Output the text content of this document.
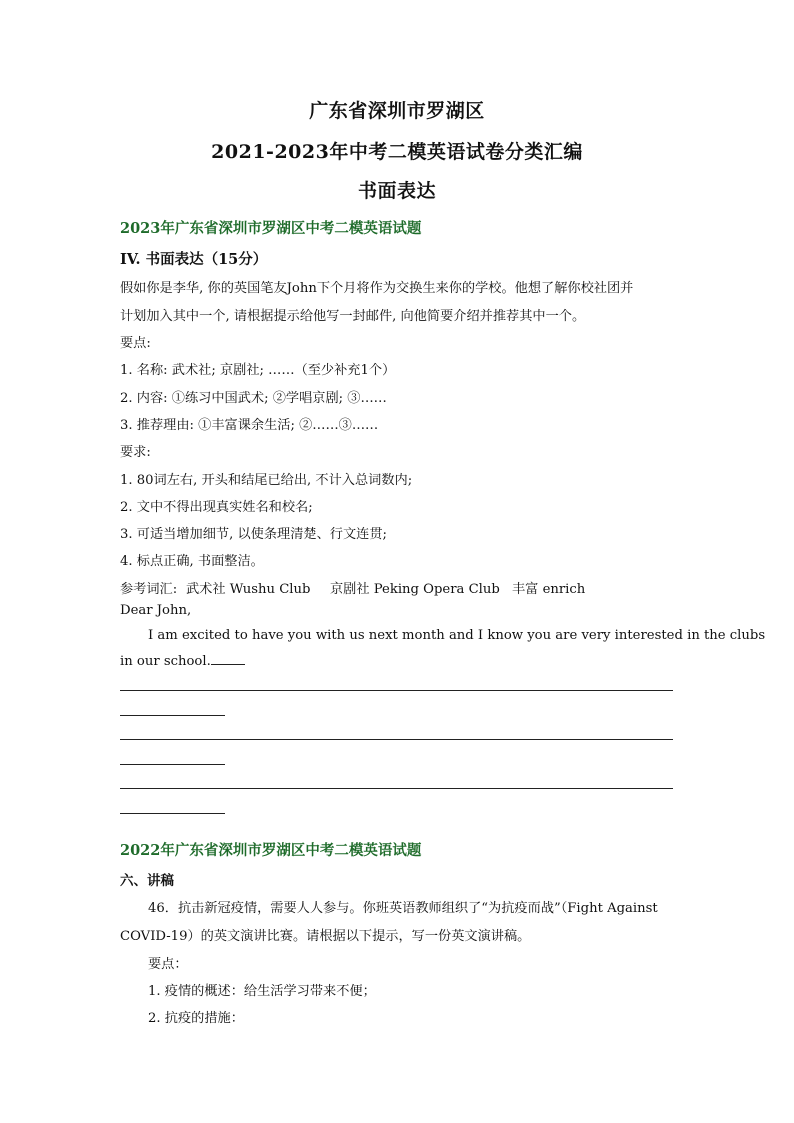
广东省深圳市罗湖区
2021-2023年中考二模英语试卷分类汇编
书面表达
2023年广东省深圳市罗湖区中考二模英语试题
IV. 书面表达（15分）
假如你是李华, 你的英国笔友John下个月将作为交换生来你的学校。他想了解你校社团并
计划加入其中一个, 请根据提示给他写一封邮件, 向他简要介绍并推荐其中一个。
要点:
1. 名称: 武术社; 京剧社; ……（至少补充1个）
2. 内容: ①练习中国武术; ②学唱京剧; ③……
3. 推荐理由: ①丰富课余生活; ②……③……
要求:
1. 80词左右, 开头和结尾已给出, 不计入总词数内;
2. 文中不得出现真实姓名和校名;
3. 可适当增加细节, 以使条理清楚、行文连贯;
4. 标点正确, 书面整洁。
参考词汇: 武术社 Wushu Club 京剧社 Peking Opera Club 丰富 enrich
Dear John,
I am excited to have you with us next month and I know you are very interested in the clubs
in our school.
2022年广东省深圳市罗湖区中考二模英语试题
六、讲稿
46．抗击新冠疫情，需要人人参与。你班英语教师组织了“为抗疫而战”（Fight Against
COVID-19）的英文演讲比赛。请根据以下提示，写一份英文演讲稿。
要点：
1. 疫情的概述：给生活学习带来不便；
2. 抗疫的措施：
